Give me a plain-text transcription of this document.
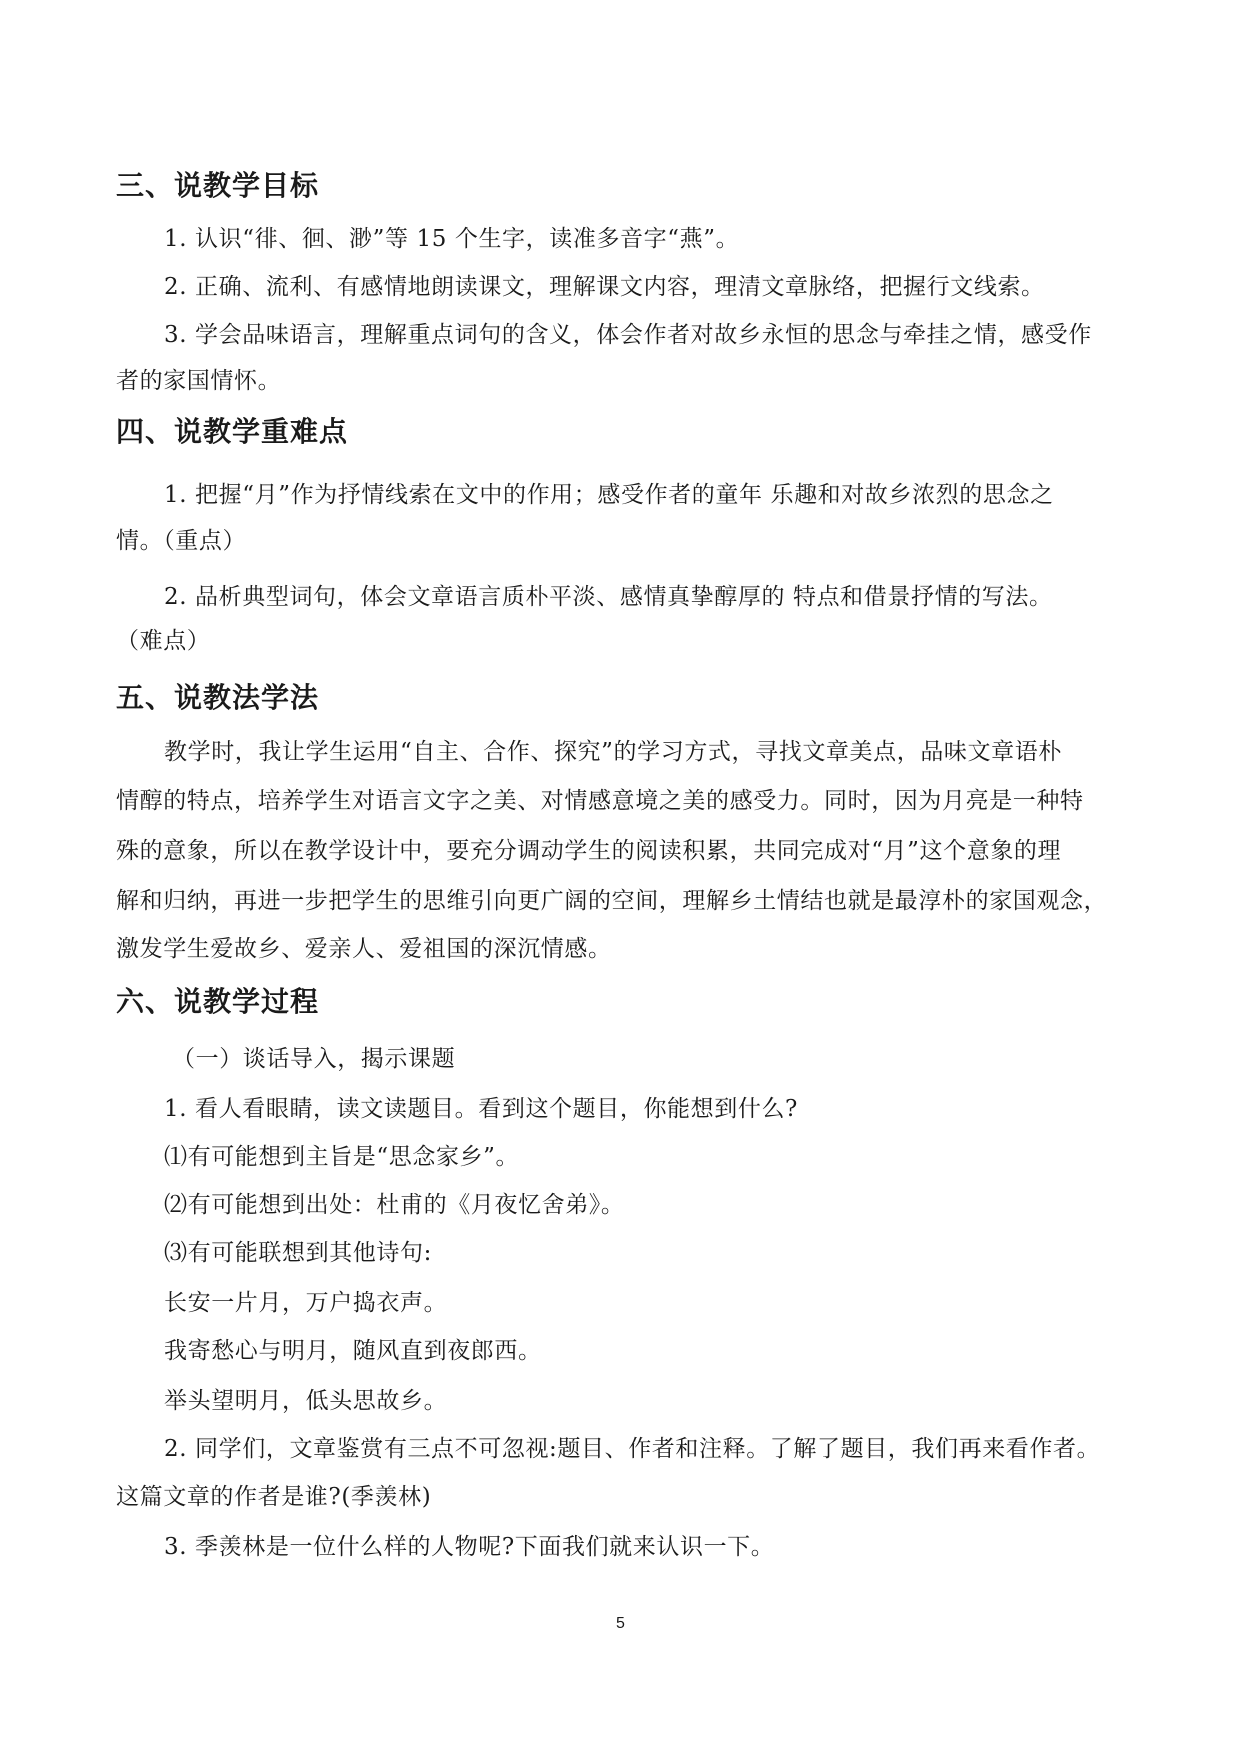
三、说教学目标
1. 认识“徘、徊、渺”等 15 个生字，读准多音字“燕”。
2. 正确、流利、有感情地朗读课文，理解课文内容，理清文章脉络，把握行文线索。
3. 学会品味语言，理解重点词句的含义，体会作者对故乡永恒的思念与牵挂之情，感受作
者的家国情怀。
四、说教学重难点
1. 把握“月”作为抒情线索在文中的作用；感受作者的童年 乐趣和对故乡浓烈的思念之
情。（重点）
2. 品析典型词句，体会文章语言质朴平淡、感情真挚醇厚的 特点和借景抒情的写法。
（难点）
五、说教法学法
教学时，我让学生运用“自主、合作、探究”的学习方式，寻找文章美点，品味文章语朴
情醇的特点，培养学生对语言文字之美、对情感意境之美的感受力。同时，因为月亮是一种特
殊的意象，所以在教学设计中，要充分调动学生的阅读积累，共同完成对“月”这个意象的理
解和归纳，再进一步把学生的思维引向更广阔的空间，理解乡土情结也就是最淳朴的家国观念，
激发学生爱故乡、爱亲人、爱祖国的深沉情感。
六、说教学过程
（一）谈话导入，揭示课题
1. 看人看眼睛，读文读题目。看到这个题目，你能想到什么?
⑴有可能想到主旨是“思念家乡”。
⑵有可能想到出处：杜甫的《月夜忆舍弟》。
⑶有可能联想到其他诗句:
长安一片月，万户捣衣声。
我寄愁心与明月，随风直到夜郎西。
举头望明月，低头思故乡。
2. 同学们，文章鉴赏有三点不可忽视:题目、作者和注释。了解了题目，我们再来看作者。
这篇文章的作者是谁?(季羡林)
3. 季羡林是一位什么样的人物呢?下面我们就来认识一下。
5
